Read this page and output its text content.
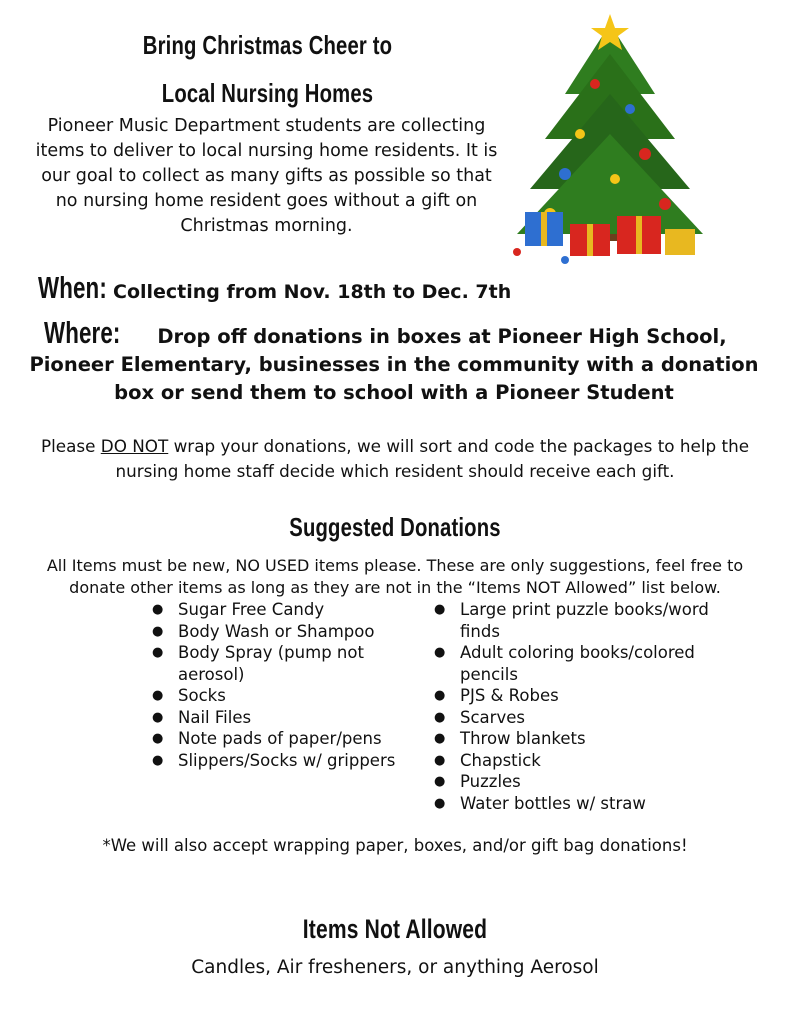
Bring Christmas Cheer to
Local Nursing Homes
Pioneer Music Department students are collecting items to deliver to local nursing home residents. It is our goal to collect as many gifts as possible so that no nursing home resident goes without a gift on Christmas morning.
When: Collecting from Nov. 18th to Dec. 7th
Drop off donations in boxes at Pioneer High School, Pioneer Elementary, businesses in the community with a donation box or send them to school with a Pioneer Student
Where:
Please DO NOT wrap your donations, we will sort and code the packages to help the nursing home staff decide which resident should receive each gift.
Suggested Donations
All Items must be new, NO USED items please. These are only suggestions, feel free to donate other items as long as they are not in the “Items NOT Allowed” list below.
● Sugar Free Candy
● Body Wash or Shampoo
● Body Spray (pump not aerosol)
● Socks
● Nail Files
● Note pads of paper/pens
● Slippers/Socks w/ grippers
● Large print puzzle books/word finds
● Adult coloring books/colored pencils
● PJS & Robes
● Scarves
● Throw blankets
● Chapstick
● Puzzles
● Water bottles w/ straw
*We will also accept wrapping paper, boxes, and/or gift bag donations!
Items Not Allowed
Candles, Air fresheners, or anything Aerosol
